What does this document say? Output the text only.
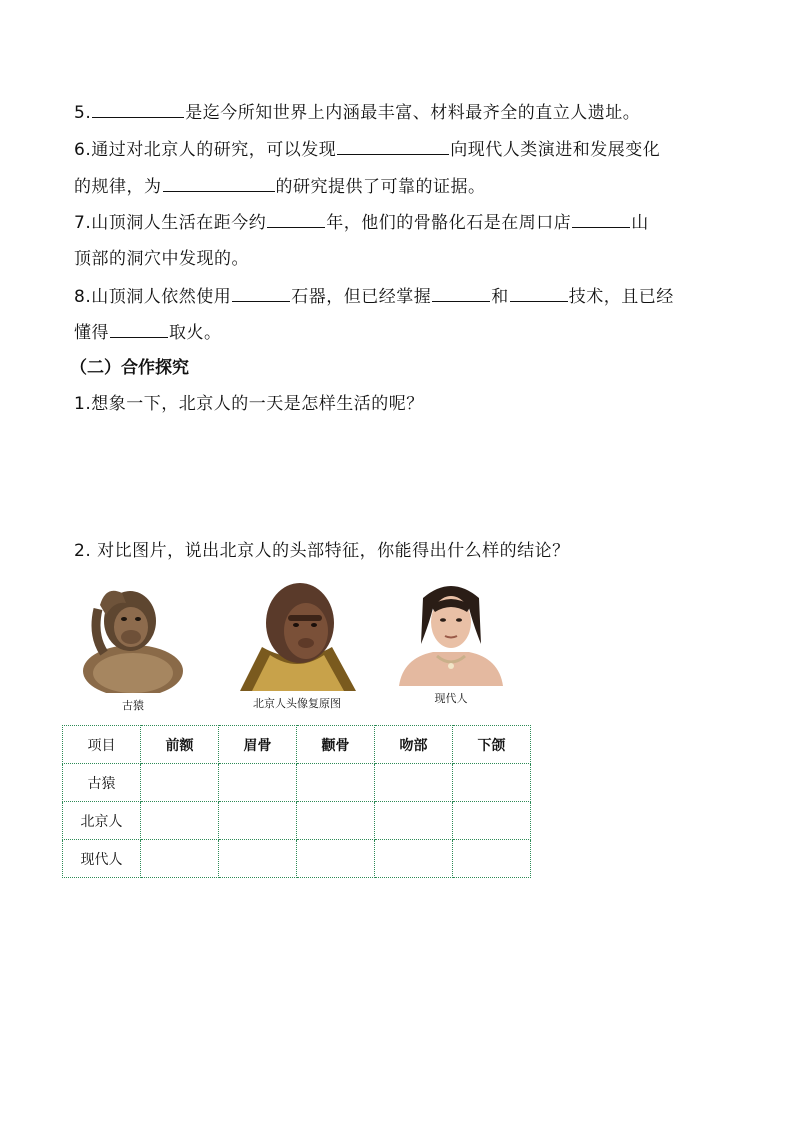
5.	是迄今所知世界上内涵最丰富、材料最齐全的直立人遗址。
6.通过对北京人的研究，可以发现	向现代人类演进和发展变化
的规律，为	的研究提供了可靠的证据。
7.山顶洞人生活在距今约	年，他们的骨骼化石是在周口店	山
顶部的洞穴中发现的。
8.山顶洞人依然使用	石器，但已经掌握	和	技术，且已经
懂得	取火。
（二）合作探究
1.想象一下，北京人的一天是怎样生活的呢？
2. 对比图片，说出北京人的头部特征，你能得出什么样的结论？
古猿	北京人头像复原图	现代人
项目	前额	眉骨	颧骨	吻部	下颌
古猿					
北京人					
现代人					
